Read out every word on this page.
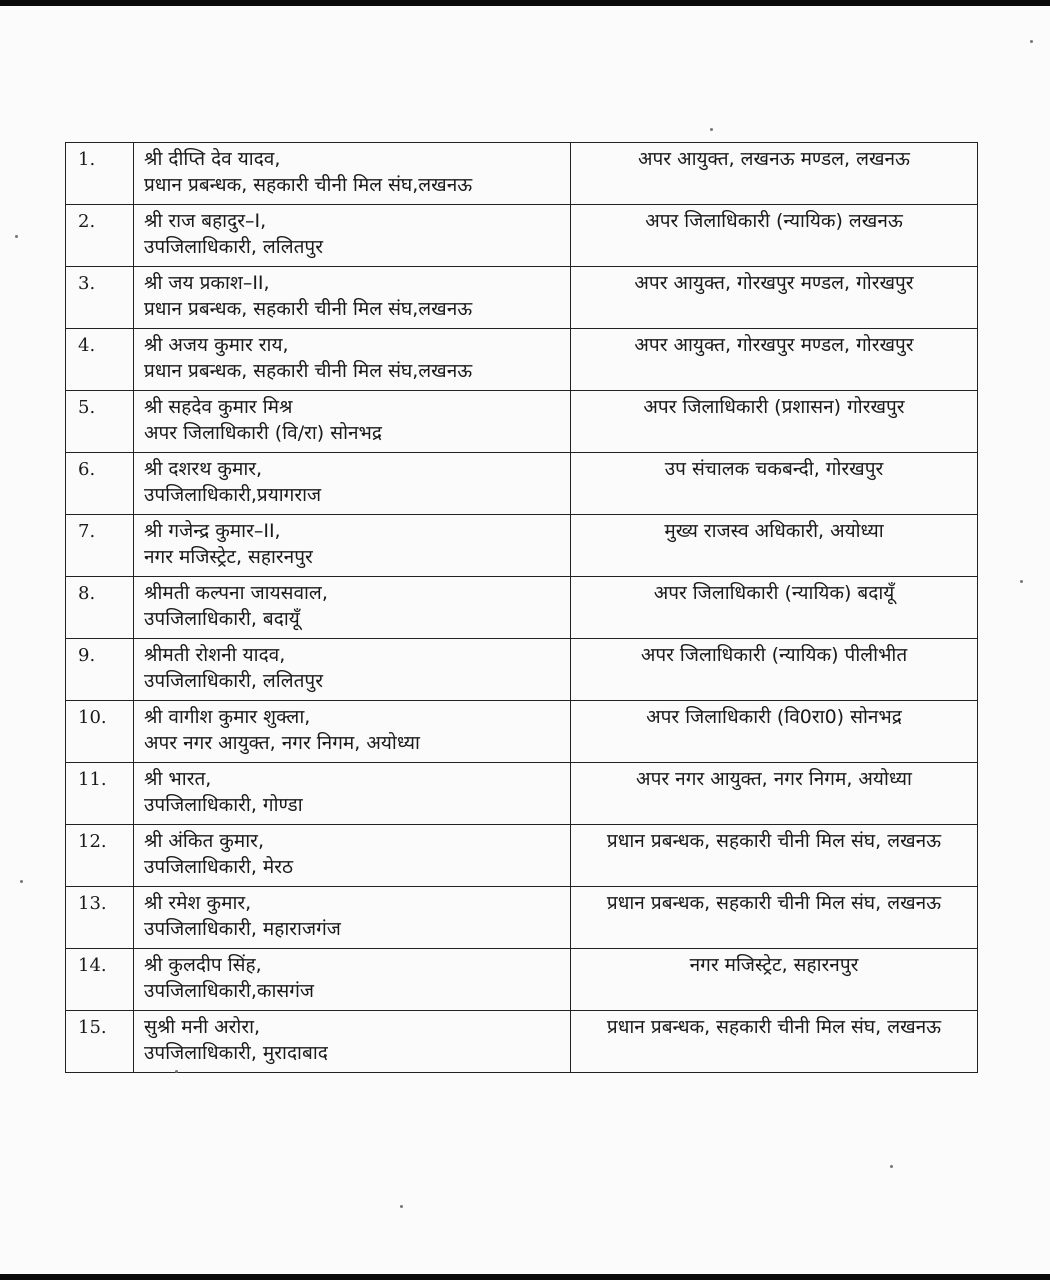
1.	श्री दीप्ति देव यादव,
प्रधान प्रबन्धक, सहकारी चीनी मिल संघ,लखनऊ	अपर आयुक्त, लखनऊ मण्डल, लखनऊ
2.	श्री राज बहादुर–I,
उपजिलाधिकारी, ललितपुर	अपर जिलाधिकारी (न्यायिक) लखनऊ
3.	श्री जय प्रकाश–II,
प्रधान प्रबन्धक, सहकारी चीनी मिल संघ,लखनऊ	अपर आयुक्त, गोरखपुर मण्डल, गोरखपुर
4.	श्री अजय कुमार राय,
प्रधान प्रबन्धक, सहकारी चीनी मिल संघ,लखनऊ	अपर आयुक्त, गोरखपुर मण्डल, गोरखपुर
5.	श्री सहदेव कुमार मिश्र
अपर जिलाधिकारी (वि/रा) सोनभद्र	अपर जिलाधिकारी (प्रशासन) गोरखपुर
6.	श्री दशरथ कुमार,
उपजिलाधिकारी,प्रयागराज	उप संचालक चकबन्दी, गोरखपुर
7.	श्री गजेन्द्र कुमार–II,
नगर मजिस्ट्रेट, सहारनपुर	मुख्य राजस्व अधिकारी, अयोध्या
8.	श्रीमती कल्पना जायसवाल,
उपजिलाधिकारी, बदायूँ	अपर जिलाधिकारी (न्यायिक) बदायूँ
9.	श्रीमती रोशनी यादव,
उपजिलाधिकारी, ललितपुर	अपर जिलाधिकारी (न्यायिक) पीलीभीत
10.	श्री वागीश कुमार शुक्ला,
अपर नगर आयुक्त, नगर निगम, अयोध्या	अपर जिलाधिकारी (वि0रा0) सोनभद्र
11.	श्री भारत,
उपजिलाधिकारी, गोण्डा	अपर नगर आयुक्त, नगर निगम, अयोध्या
12.	श्री अंकित कुमार,
उपजिलाधिकारी, मेरठ	प्रधान प्रबन्धक, सहकारी चीनी मिल संघ, लखनऊ
13.	श्री रमेश कुमार,
उपजिलाधिकारी, महाराजगंज	प्रधान प्रबन्धक, सहकारी चीनी मिल संघ, लखनऊ
14.	श्री कुलदीप सिंह,
उपजिलाधिकारी,कासगंज	नगर मजिस्ट्रेट, सहारनपुर
15.	सुश्री मनी अरोरा,
उपजिलाधिकारी, मुरादाबाद	प्रधान प्रबन्धक, सहकारी चीनी मिल संघ, लखनऊ
